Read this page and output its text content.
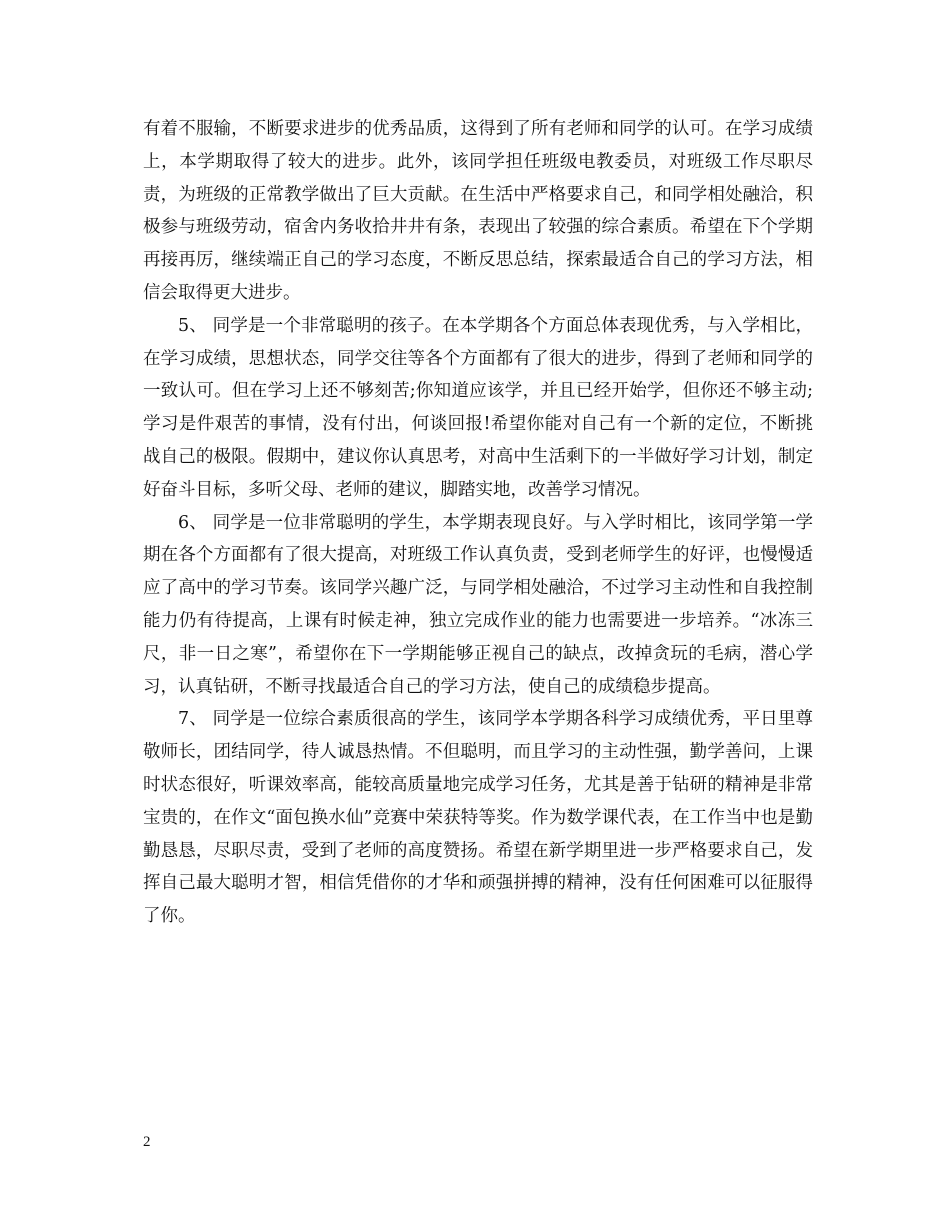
有着不服输，不断要求进步的优秀品质，这得到了所有老师和同学的认可。在学习成绩上，本学期取得了较大的进步。此外，该同学担任班级电教委员，对班级工作尽职尽责，为班级的正常教学做出了巨大贡献。在生活中严格要求自己，和同学相处融洽，积极参与班级劳动，宿舍内务收拾井井有条，表现出了较强的综合素质。希望在下个学期再接再厉，继续端正自己的学习态度，不断反思总结，探索最适合自己的学习方法，相信会取得更大进步。

5、 同学是一个非常聪明的孩子。在本学期各个方面总体表现优秀，与入学相比，在学习成绩，思想状态，同学交往等各个方面都有了很大的进步，得到了老师和同学的一致认可。但在学习上还不够刻苦;你知道应该学，并且已经开始学，但你还不够主动;学习是件艰苦的事情，没有付出，何谈回报!希望你能对自己有一个新的定位，不断挑战自己的极限。假期中，建议你认真思考，对高中生活剩下的一半做好学习计划，制定好奋斗目标，多听父母、老师的建议，脚踏实地，改善学习情况。

6、 同学是一位非常聪明的学生，本学期表现良好。与入学时相比，该同学第一学期在各个方面都有了很大提高，对班级工作认真负责，受到老师学生的好评，也慢慢适应了高中的学习节奏。该同学兴趣广泛，与同学相处融洽，不过学习主动性和自我控制能力仍有待提高，上课有时候走神，独立完成作业的能力也需要进一步培养。“冰冻三尺，非一日之寒”，希望你在下一学期能够正视自己的缺点，改掉贪玩的毛病，潜心学习，认真钻研，不断寻找最适合自己的学习方法，使自己的成绩稳步提高。

7、 同学是一位综合素质很高的学生，该同学本学期各科学习成绩优秀，平日里尊敬师长，团结同学，待人诚恳热情。不但聪明，而且学习的主动性强，勤学善问，上课时状态很好，听课效率高，能较高质量地完成学习任务，尤其是善于钻研的精神是非常宝贵的，在作文“面包换水仙”竞赛中荣获特等奖。作为数学课代表，在工作当中也是勤勤恳恳，尽职尽责，受到了老师的高度赞扬。希望在新学期里进一步严格要求自己，发挥自己最大聪明才智，相信凭借你的才华和顽强拼搏的精神，没有任何困难可以征服得了你。

2
